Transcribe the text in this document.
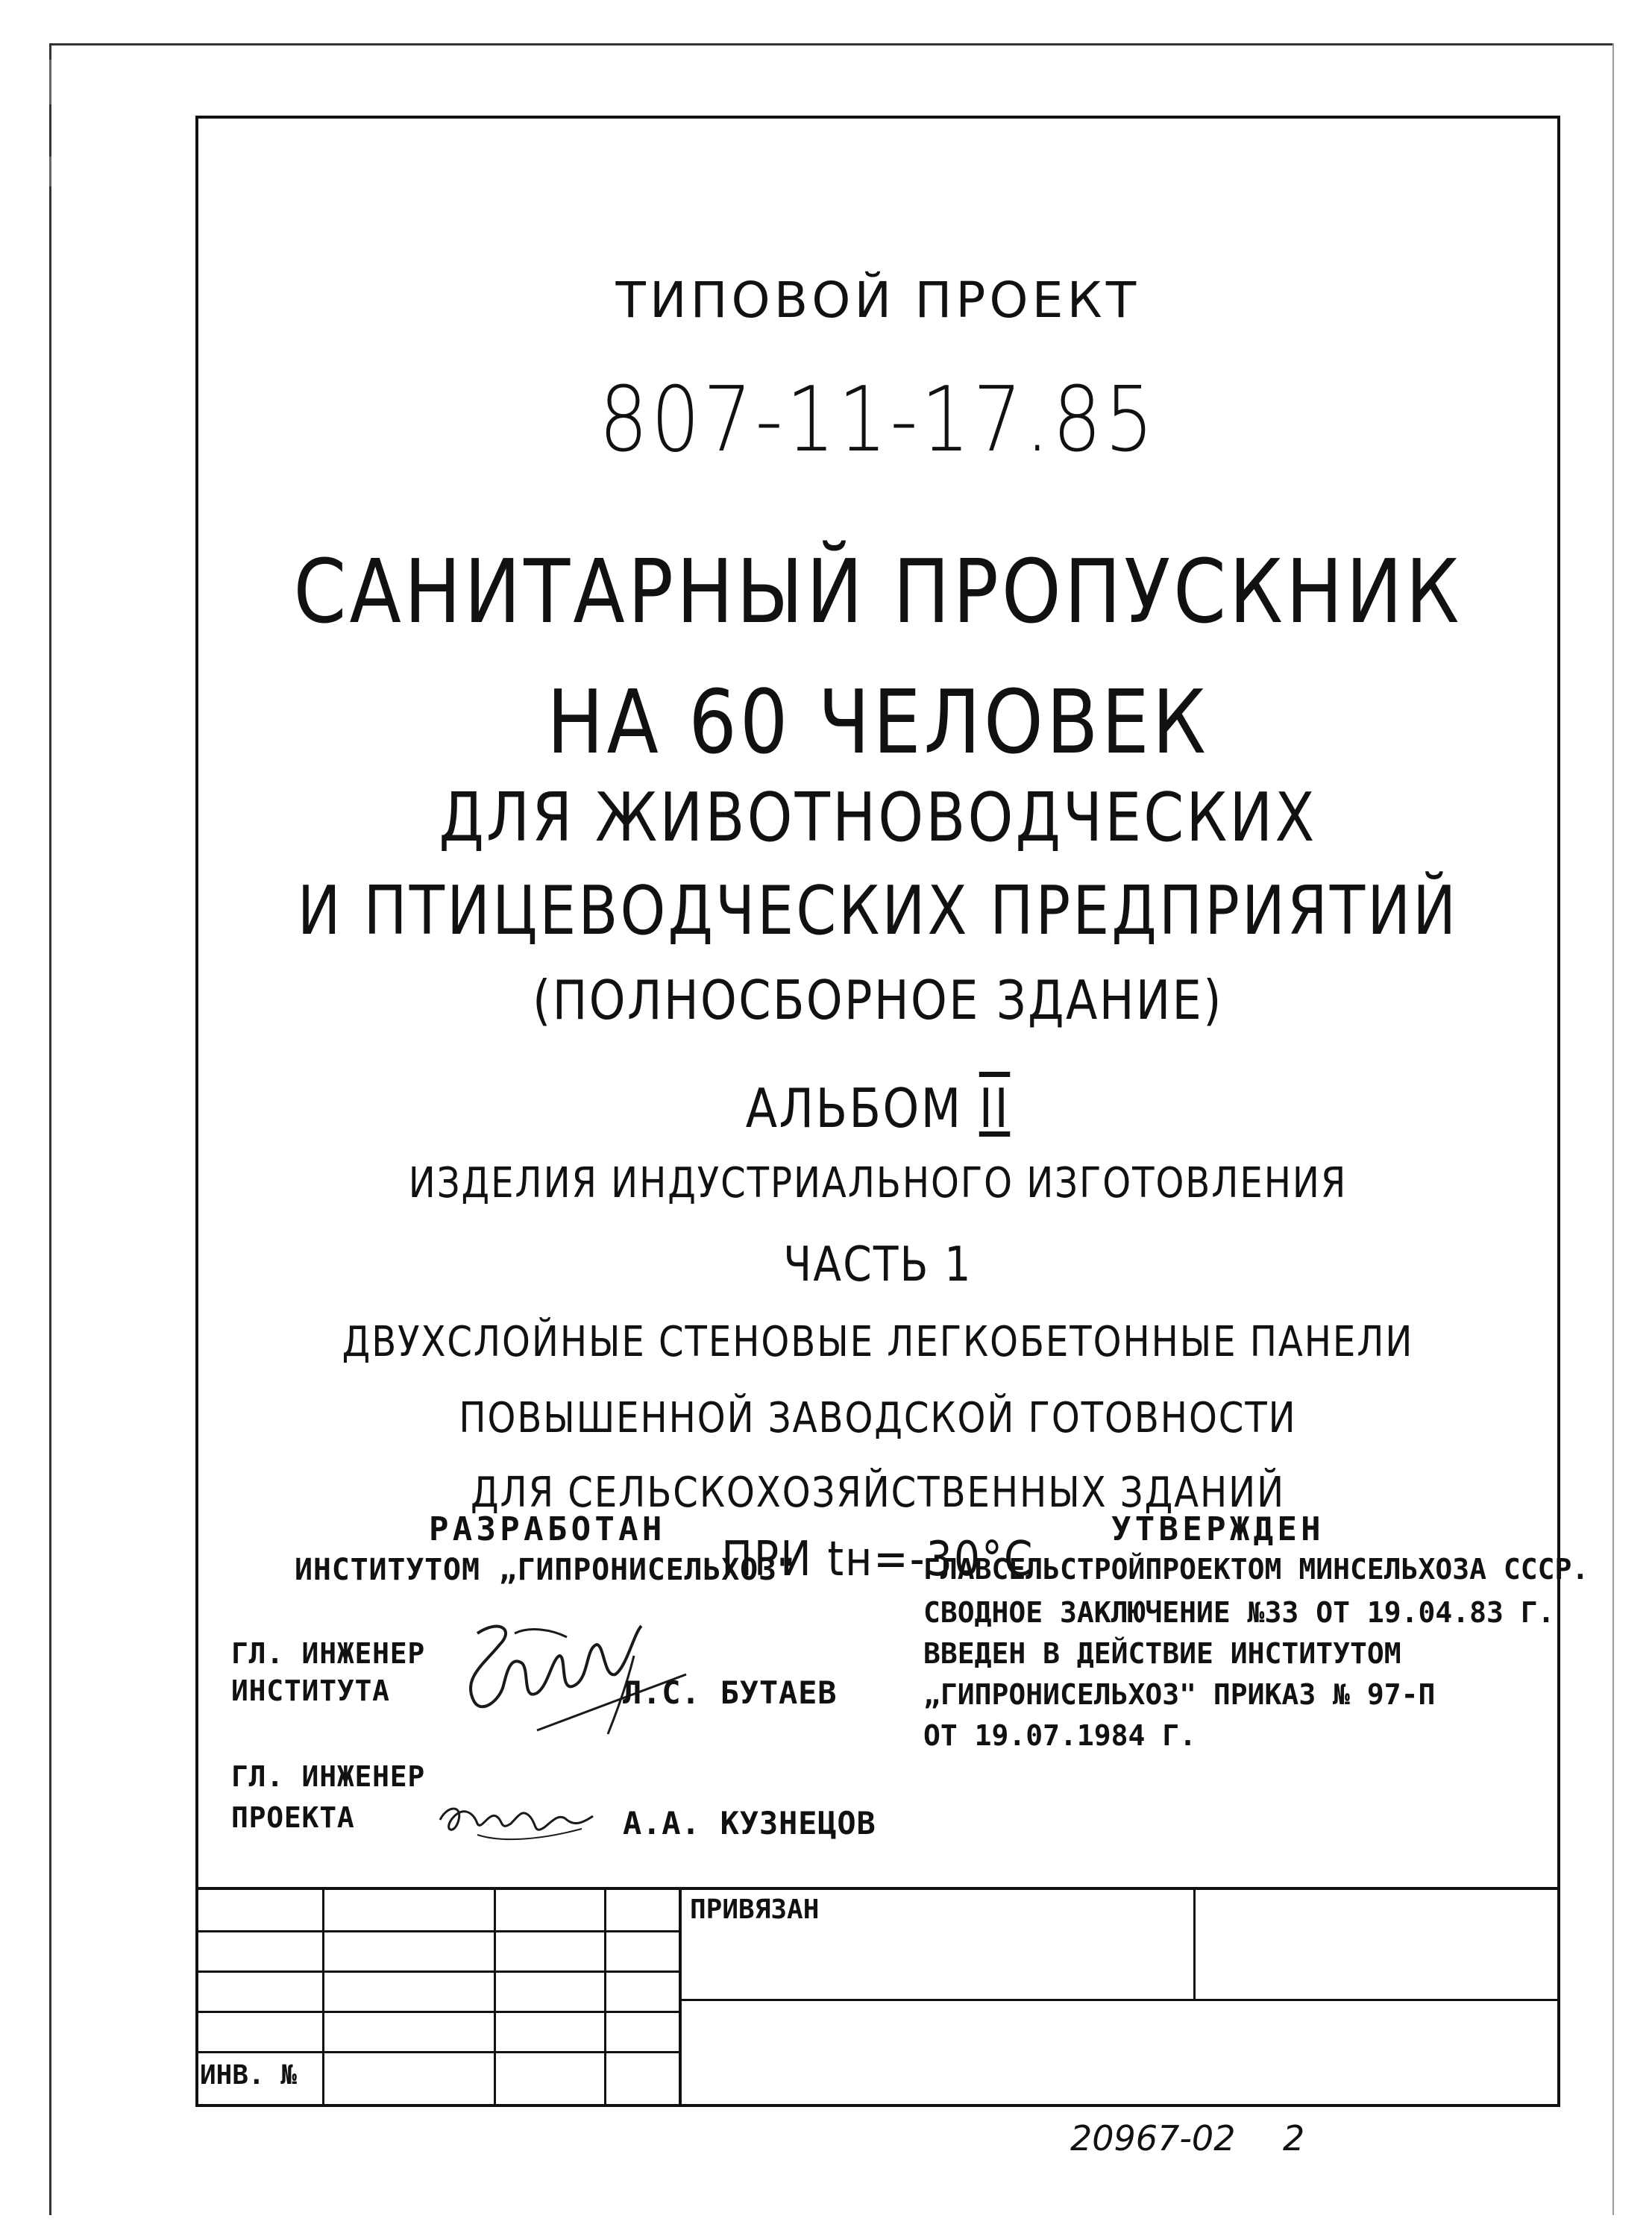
ТИПОВОЙ ПРОЕКТ
807-11-17.85
САНИТАРНЫЙ ПРОПУСКНИК
НА 60 ЧЕЛОВЕК
ДЛЯ ЖИВОТНОВОДЧЕСКИХ
И ПТИЦЕВОДЧЕСКИХ ПРЕДПРИЯТИЙ
(ПОЛНОСБОРНОЕ ЗДАНИЕ)
АЛЬБОМ II
ИЗДЕЛИЯ ИНДУСТРИАЛЬНОГО ИЗГОТОВЛЕНИЯ
ЧАСТЬ 1
ДВУХСЛОЙНЫЕ СТЕНОВЫЕ ЛЕГКОБЕТОННЫЕ ПАНЕЛИ
ПОВЫШЕННОЙ ЗАВОДСКОЙ ГОТОВНОСТИ
ДЛЯ СЕЛЬСКОХОЗЯЙСТВЕННЫХ ЗДАНИЙ
ПРИ tн=-30°C
РАЗРАБОТАН
ИНСТИТУТОМ „ГИПРОНИСЕЛЬХОЗ"
ГЛ. ИНЖЕНЕР
ИНСТИТУТА	Л.С. БУТАЕВ
ГЛ. ИНЖЕНЕР
ПРОЕКТА	А.А. КУЗНЕЦОВ
УТВЕРЖДЕН
ГЛАВСЕЛЬСТРОЙПРОЕКТОМ МИНСЕЛЬХОЗА СССР.
СВОДНОЕ ЗАКЛЮЧЕНИЕ №33 ОТ 19.04.83 Г.
ВВЕДЕН В ДЕЙСТВИЕ ИНСТИТУТОМ
„ГИПРОНИСЕЛЬХОЗ" ПРИКАЗ № 97-П
ОТ 19.07.1984 Г.
ПРИВЯЗАН
ИНВ. №
20967-02 2
